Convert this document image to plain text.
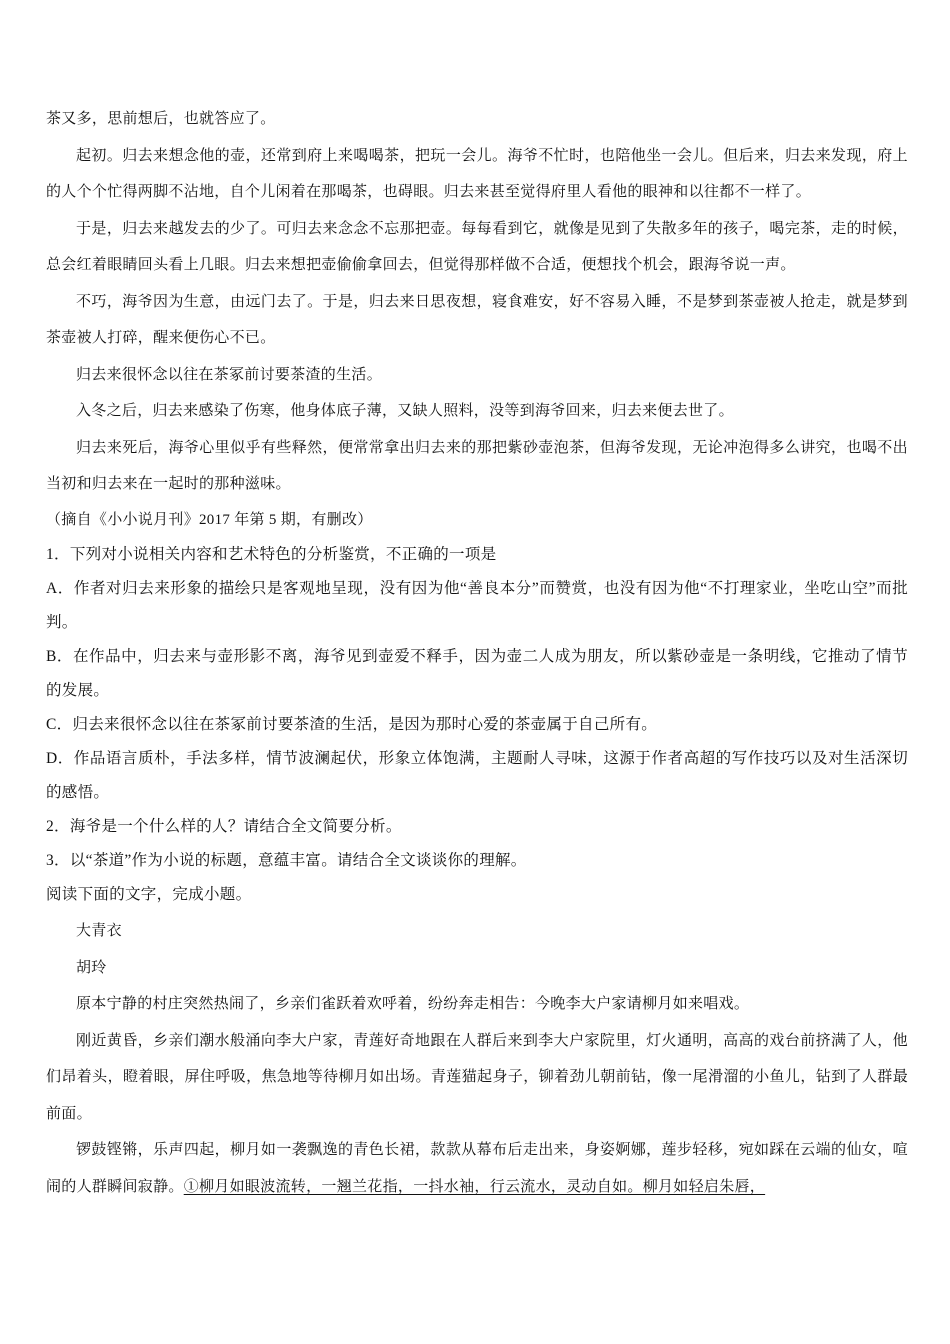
茶又多，思前想后，也就答应了。

起初。归去来想念他的壶，还常到府上来喝喝茶，把玩一会儿。海爷不忙时，也陪他坐一会儿。但后来，归去来发现，府上的人个个忙得两脚不沾地，自个儿闲着在那喝茶，也碍眼。归去来甚至觉得府里人看他的眼神和以往都不一样了。

于是，归去来越发去的少了。可归去来念念不忘那把壶。每每看到它，就像是见到了失散多年的孩子，喝完茶，走的时候，总会红着眼睛回头看上几眼。归去来想把壶偷偷拿回去，但觉得那样做不合适，便想找个机会，跟海爷说一声。

不巧，海爷因为生意，由远门去了。于是，归去来日思夜想，寝食难安，好不容易入睡，不是梦到茶壶被人抢走，就是梦到茶壶被人打碎，醒来便伤心不已。

归去来很怀念以往在茶冢前讨要茶渣的生活。

入冬之后，归去来感染了伤寒，他身体底子薄，又缺人照料，没等到海爷回来，归去来便去世了。

归去来死后，海爷心里似乎有些释然，便常常拿出归去来的那把紫砂壶泡茶，但海爷发现，无论冲泡得多么讲究，也喝不出当初和归去来在一起时的那种滋味。

（摘自《小小说月刊》2017 年第 5 期，有删改）

1．下列对小说相关内容和艺术特色的分析鉴赏，不正确的一项是

A．作者对归去来形象的描绘只是客观地呈现，没有因为他“善良本分”而赞赏，也没有因为他“不打理家业，坐吃山空”而批判。

B．在作品中，归去来与壶形影不离，海爷见到壶爱不释手，因为壶二人成为朋友，所以紫砂壶是一条明线，它推动了情节的发展。

C．归去来很怀念以往在茶冢前讨要茶渣的生活，是因为那时心爱的茶壶属于自己所有。

D．作品语言质朴，手法多样，情节波澜起伏，形象立体饱满，主题耐人寻味，这源于作者高超的写作技巧以及对生活深切的感悟。

2．海爷是一个什么样的人？请结合全文简要分析。

3．以“茶道”作为小说的标题，意蕴丰富。请结合全文谈谈你的理解。

阅读下面的文字，完成小题。

大青衣

胡玲

原本宁静的村庄突然热闹了，乡亲们雀跃着欢呼着，纷纷奔走相告：今晚李大户家请柳月如来唱戏。

刚近黄昏，乡亲们潮水般涌向李大户家，青莲好奇地跟在人群后来到李大户家院里，灯火通明，高高的戏台前挤满了人，他们昂着头，瞪着眼，屏住呼吸，焦急地等待柳月如出场。青莲猫起身子，铆着劲儿朝前钻，像一尾滑溜的小鱼儿，钻到了人群最前面。

锣鼓铿锵，乐声四起，柳月如一袭飘逸的青色长裙，款款从幕布后走出来，身姿婀娜，莲步轻移，宛如踩在云端的仙女，喧闹的人群瞬间寂静。①柳月如眼波流转，一翘兰花指，一抖水袖，行云流水，灵动自如。柳月如轻启朱唇，
